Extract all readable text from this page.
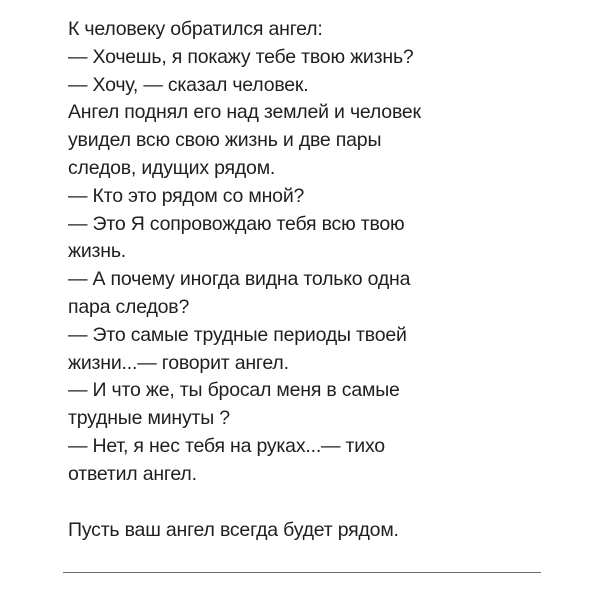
К человеку обратился ангел:
— Хочешь, я покажу тебе твою жизнь?
— Хочу, — сказал человек.
Ангел поднял его над землей и человек
увидел всю свою жизнь и две пары
следов, идущих рядом.
— Кто это рядом со мной?
— Это Я сопровождаю тебя всю твою
жизнь.
— А почему иногда видна только одна
пара следов?
— Это самые трудные периоды твоей
жизни...— говорит ангел.
— И что же, ты бросал меня в самые
трудные минуты ?
— Нет, я нес тебя на руках...— тихо
ответил ангел.
Пусть ваш ангел всегда будет рядом.
